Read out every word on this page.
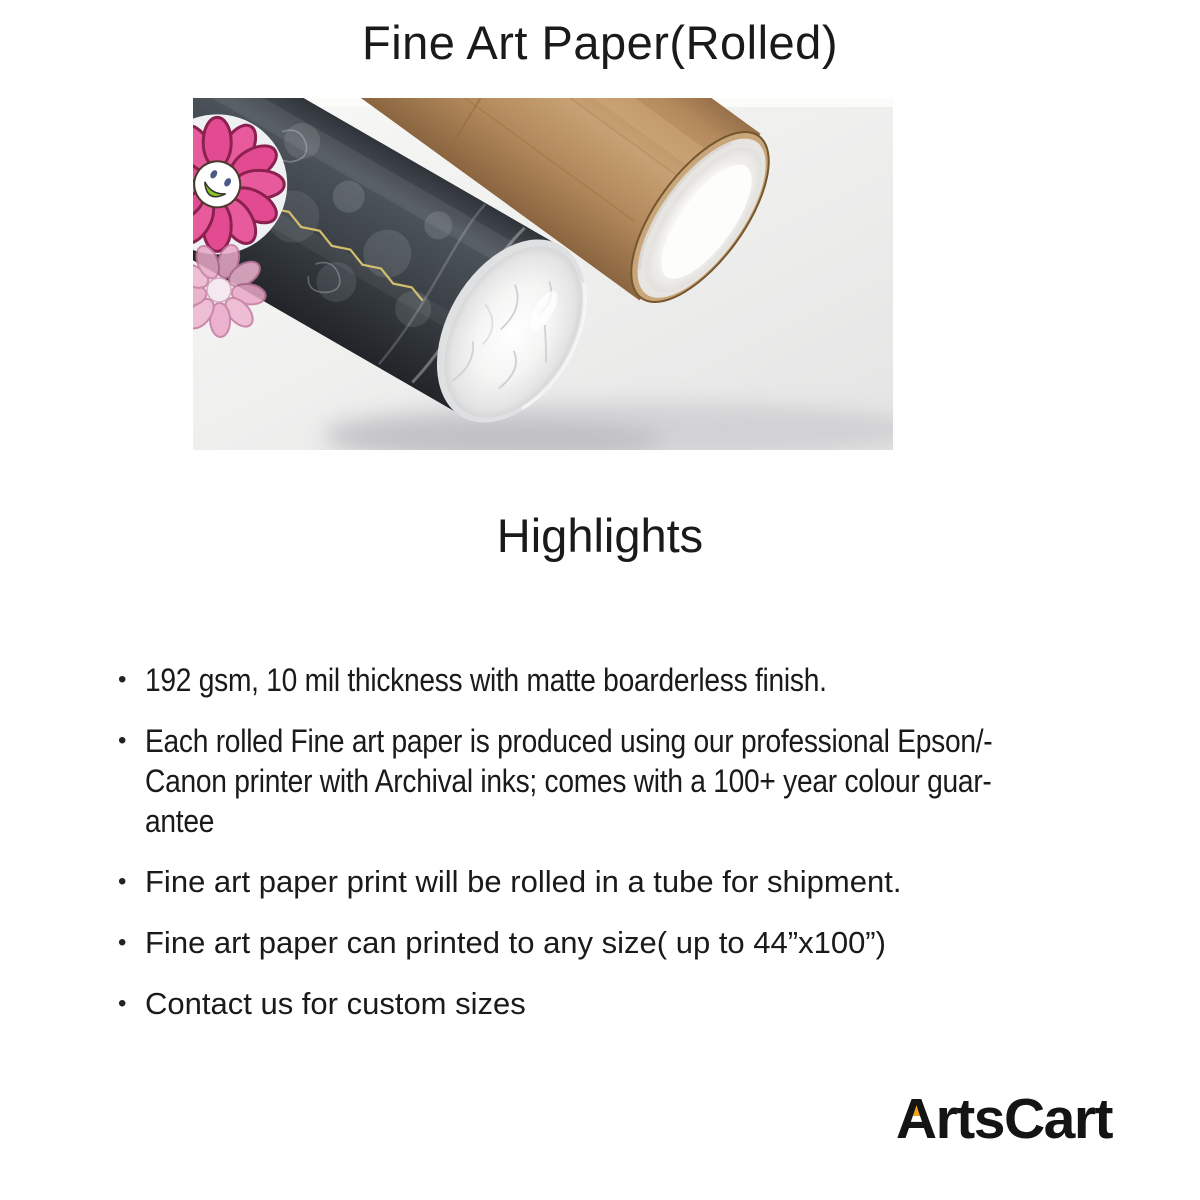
Fine Art Paper(Rolled)
Highlights
• 192 gsm, 10 mil thickness with matte boarderless finish.
• Each rolled Fine art paper is produced using our professional Epson/-
Canon printer with Archival inks; comes with a 100+ year colour guar-
antee
• Fine art paper print will be rolled in a tube for shipment.
• Fine art paper can printed to any size( up to 44”x100”)
• Contact us for custom sizes
ArtsCart
